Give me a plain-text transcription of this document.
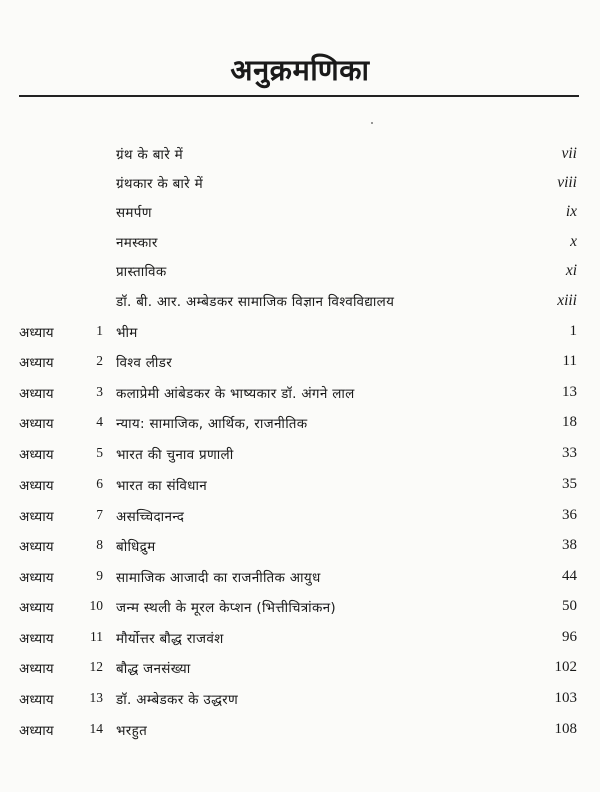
अनुक्रमणिका
ग्रंथ के बारे में	vii
ग्रंथकार के बारे में	viii
समर्पण	ix
नमस्कार	x
प्रास्ताविक	xi
डॉ. बी. आर. अम्बेडकर सामाजिक विज्ञान विश्वविद्यालय	xiii
अध्याय	1 भीम	1
अध्याय	2 विश्व लीडर	11
अध्याय	3 कलाप्रेमी आंबेडकर के भाष्यकार डॉ. अंगने लाल	13
अध्याय	4 न्याय: सामाजिक, आर्थिक, राजनीतिक	18
अध्याय	5 भारत की चुनाव प्रणाली	33
अध्याय	6 भारत का संविधान	35
अध्याय	7 असच्चिदानन्द	36
अध्याय	8 बोधिद्रुम	38
अध्याय	9 सामाजिक आजादी का राजनीतिक आयुध	44
अध्याय	10 जन्म स्थली के मूरल केप्शन (भित्तीचित्रांकन)	50
अध्याय	11 मौर्योत्तर बौद्ध राजवंश	96
अध्याय	12 बौद्ध जनसंख्या	102
अध्याय	13 डॉ. अम्बेडकर के उद्धरण	103
अध्याय	14 भरहुत	108
